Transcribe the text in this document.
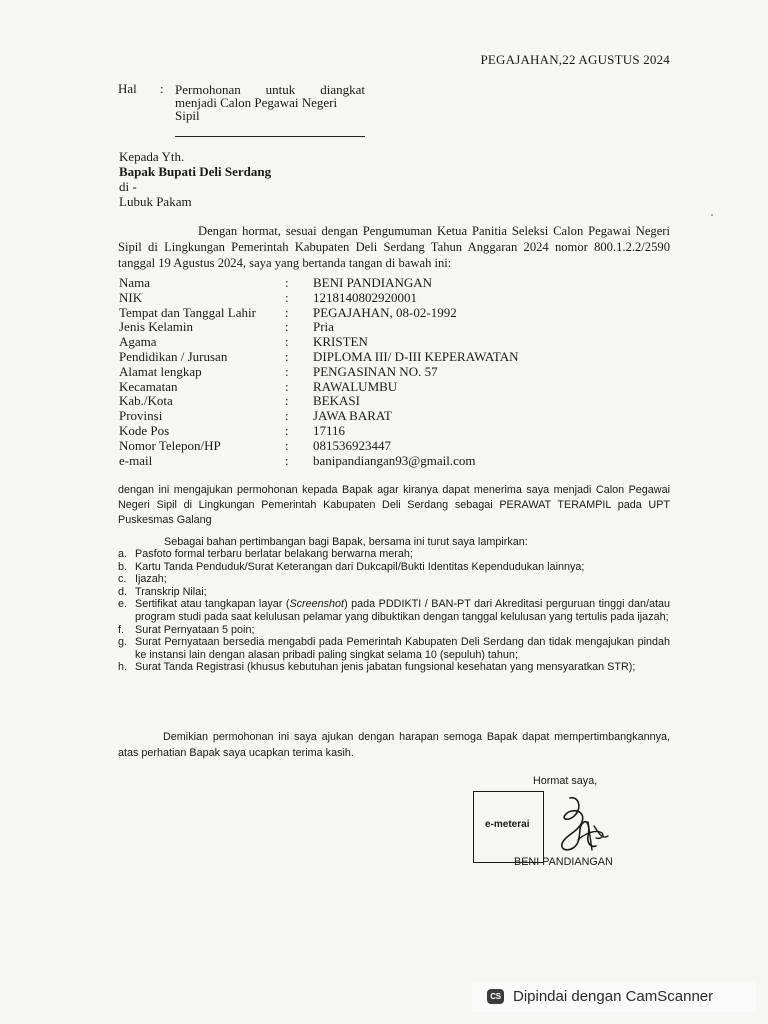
PEGAJAHAN,22 AGUSTUS 2024
Hal : Permohonan untuk diangkat
menjadi Calon Pegawai Negeri
Sipil
Kepada Yth.
Bapak Bupati Deli Serdang
di -
Lubuk Pakam
Dengan hormat, sesuai dengan Pengumuman Ketua Panitia Seleksi Calon Pegawai Negeri Sipil di Lingkungan Pemerintah Kabupaten Deli Serdang Tahun Anggaran 2024 nomor 800.1.2.2/2590 tanggal 19 Agustus 2024, saya yang bertanda tangan di bawah ini:
Nama	: BENI PANDIANGAN
NIK	: 1218140802920001
Tempat dan Tanggal Lahir : PEGAJAHAN, 08-02-1992
Jenis Kelamin	: Pria
Agama	: KRISTEN
Pendidikan / Jurusan	: DIPLOMA III/ D-III KEPERAWATAN
Alamat lengkap	: PENGASINAN NO. 57
Kecamatan	: RAWALUMBU
Kab./Kota	: BEKASI
Provinsi	: JAWA BARAT
Kode Pos	: 17116
Nomor Telepon/HP	: 081536923447
e-mail	: banipandiangan93@gmail.com
dengan ini mengajukan permohonan kepada Bapak agar kiranya dapat menerima saya menjadi Calon Pegawai Negeri Sipil di Lingkungan Pemerintah Kabupaten Deli Serdang sebagai PERAWAT TERAMPIL pada UPT Puskesmas Galang
Sebagai bahan pertimbangan bagi Bapak, bersama ini turut saya lampirkan:
a. Pasfoto formal terbaru berlatar belakang berwarna merah;
b. Kartu Tanda Penduduk/Surat Keterangan dari Dukcapil/Bukti Identitas Kependudukan lainnya;
c. Ijazah;
d. Transkrip Nilai;
e. Sertifikat atau tangkapan layar (Screenshot) pada PDDIKTI / BAN-PT dari Akreditasi perguruan tinggi dan/atau program studi pada saat kelulusan pelamar yang dibuktikan dengan tanggal kelulusan yang tertulis pada ijazah;
f. Surat Pernyataan 5 poin;
g. Surat Pernyataan bersedia mengabdi pada Pemerintah Kabupaten Deli Serdang dan tidak mengajukan pindah ke instansi lain dengan alasan pribadi paling singkat selama 10 (sepuluh) tahun;
h. Surat Tanda Registrasi (khusus kebutuhan jenis jabatan fungsional kesehatan yang mensyaratkan STR);
Demikian permohonan ini saya ajukan dengan harapan semoga Bapak dapat mempertimbangkannya, atas perhatian Bapak saya ucapkan terima kasih.
Hormat saya,
e-meterai
BENI PANDIANGAN
CS Dipindai dengan CamScanner
